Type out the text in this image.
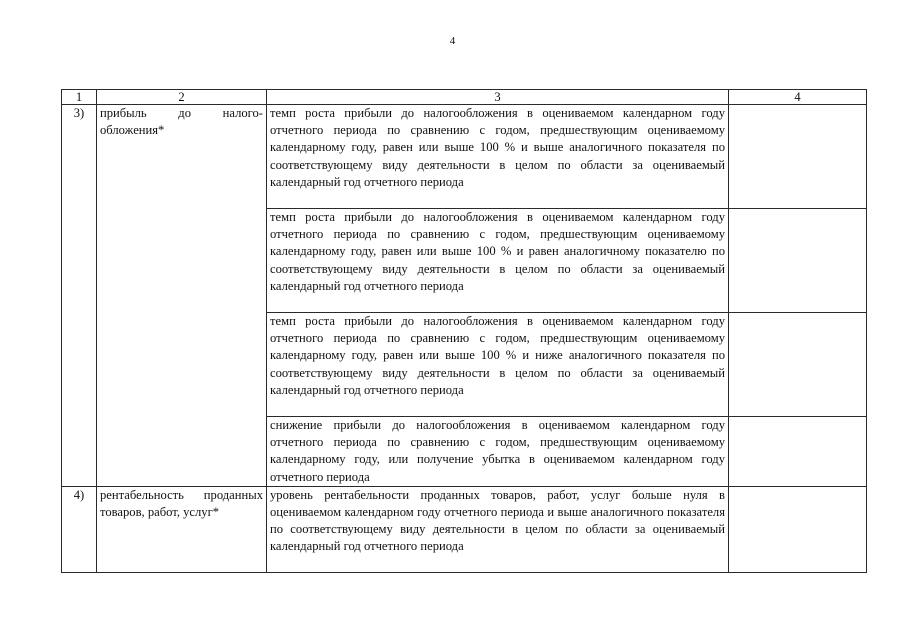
4
1	2	3	4
3)	прибыль до налого-обложения*	темп роста прибыли до налогообложения в оцениваемом календарном году отчетного периода по сравнению с годом, предшествующим оцениваемому календарному году, равен или выше 100 % и выше аналогичного показателя по соответствующему виду деятельности в целом по области за оцениваемый календарный год отчетного периода	
		темп роста прибыли до налогообложения в оцениваемом календарном году отчетного периода по сравнению с годом, предшествующим оцениваемому календарному году, равен или выше 100 % и равен аналогичному показателю по соответствующему виду деятельности в целом по области за оцениваемый календарный год отчетного периода	
		темп роста прибыли до налогообложения в оцениваемом календарном году отчетного периода по сравнению с годом, предшествующим оцениваемому календарному году, равен или выше 100 % и ниже аналогичного показателя по соответствующему виду деятельности в целом по области за оцениваемый календарный год отчетного периода	
		снижение прибыли до налогообложения в оцениваемом календарном году отчетного периода по сравнению с годом, предшествующим оцениваемому календарному году, или получение убытка в оцениваемом календарном году отчетного периода	
4)	рентабельность проданных товаров, работ, услуг*	уровень рентабельности проданных товаров, работ, услуг больше нуля в оцениваемом календарном году отчетного периода и выше аналогичного показателя по соответствующему виду деятельности в целом по области за оцениваемый календарный год отчетного периода	
